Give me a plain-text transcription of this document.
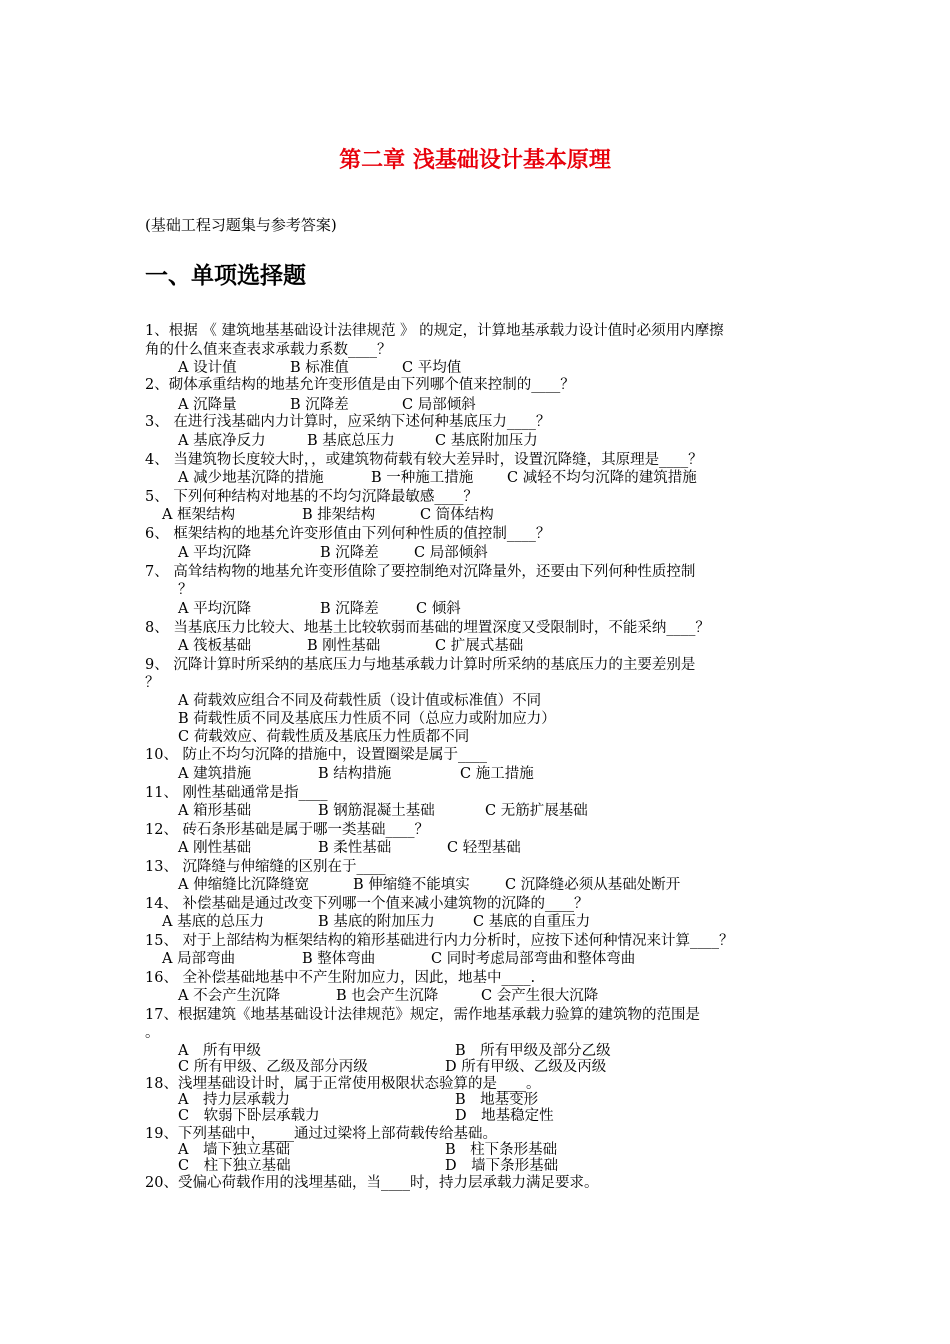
第二章 浅基础设计基本原理
(基础工程习题集与参考答案)
一、单项选择题
1、根据 《 建筑地基基础设计法律规范 》 的规定，计算地基承载力设计值时必须用内摩擦
角的什么值来查表求承载力系数____？
A 设计值	B 标准值	C 平均值
2、砌体承重结构的地基允许变形值是由下列哪个值来控制的____？
A 沉降量	B 沉降差	C 局部倾斜
3、 在进行浅基础内力计算时，应采纳下述何种基底压力____？
A 基底净反力	B 基底总压力	C 基底附加压力
4、 当建筑物长度较大时，，或建筑物荷载有较大差异时，设置沉降缝，其原理是____？
A 减少地基沉降的措施	B 一种施工措施 C 减轻不均匀沉降的建筑措施
5、 下列何种结构对地基的不均匀沉降最敏感____？
A 框架结构	B 排架结构	C 筒体结构
6、 框架结构的地基允许变形值由下列何种性质的值控制____？
A 平均沉降	B 沉降差 C 局部倾斜
7、 高耸结构物的地基允许变形值除了要控制绝对沉降量外，还要由下列何种性质控制
？
A 平均沉降	B 沉降差	C 倾斜
8、 当基底压力比较大、地基土比较软弱而基础的埋置深度又受限制时，不能采纳____？
A 筏板基础	B 刚性基础	C 扩展式基础
9、 沉降计算时所采纳的基底压力与地基承载力计算时所采纳的基底压力的主要差别是
？
A 荷载效应组合不同及荷载性质（设计值或标准值）不同
B 荷载性质不同及基底压力性质不同（总应力或附加应力）
C 荷载效应、荷载性质及基底压力性质都不同
10、 防止不均匀沉降的措施中，设置圈梁是属于____
A 建筑措施	B 结构措施	C 施工措施
11、 刚性基础通常是指____
A 箱形基础	B 钢筋混凝土基础	C 无筋扩展基础
12、 砖石条形基础是属于哪一类基础____？
A 刚性基础	B 柔性基础	C 轻型基础
13、 沉降缝与伸缩缝的区别在于____
A 伸缩缝比沉降缝宽	B 伸缩缝不能填实 C 沉降缝必须从基础处断开
14、 补偿基础是通过改变下列哪一个值来减小建筑物的沉降的____？
A 基底的总压力	B 基底的附加压力	C 基底的自重压力
15、 对于上部结构为框架结构的箱形基础进行内力分析时，应按下述何种情况来计算____？
A 局部弯曲	B 整体弯曲	C 同时考虑局部弯曲和整体弯曲
16、 全补偿基础地基中不产生附加应力，因此，地基中____.
A 不会产生沉降	B 也会产生沉降	C 会产生很大沉降
17、根据建筑《地基基础设计法律规范》规定，需作地基承载力验算的建筑物的范围是
。
A　所有甲级	B　所有甲级及部分乙级
C 所有甲级、乙级及部分丙级	D 所有甲级、乙级及丙级
18、浅埋基础设计时，属于正常使用极限状态验算的是____。
A　持力层承载力	B　地基变形
C　软弱下卧层承载力	D　地基稳定性
19、下列基础中，____通过过梁将上部荷载传给基础。
A　墙下独立基础	B　柱下条形基础
C　柱下独立基础	D　墙下条形基础
20、受偏心荷载作用的浅埋基础，当____时，持力层承载力满足要求。
